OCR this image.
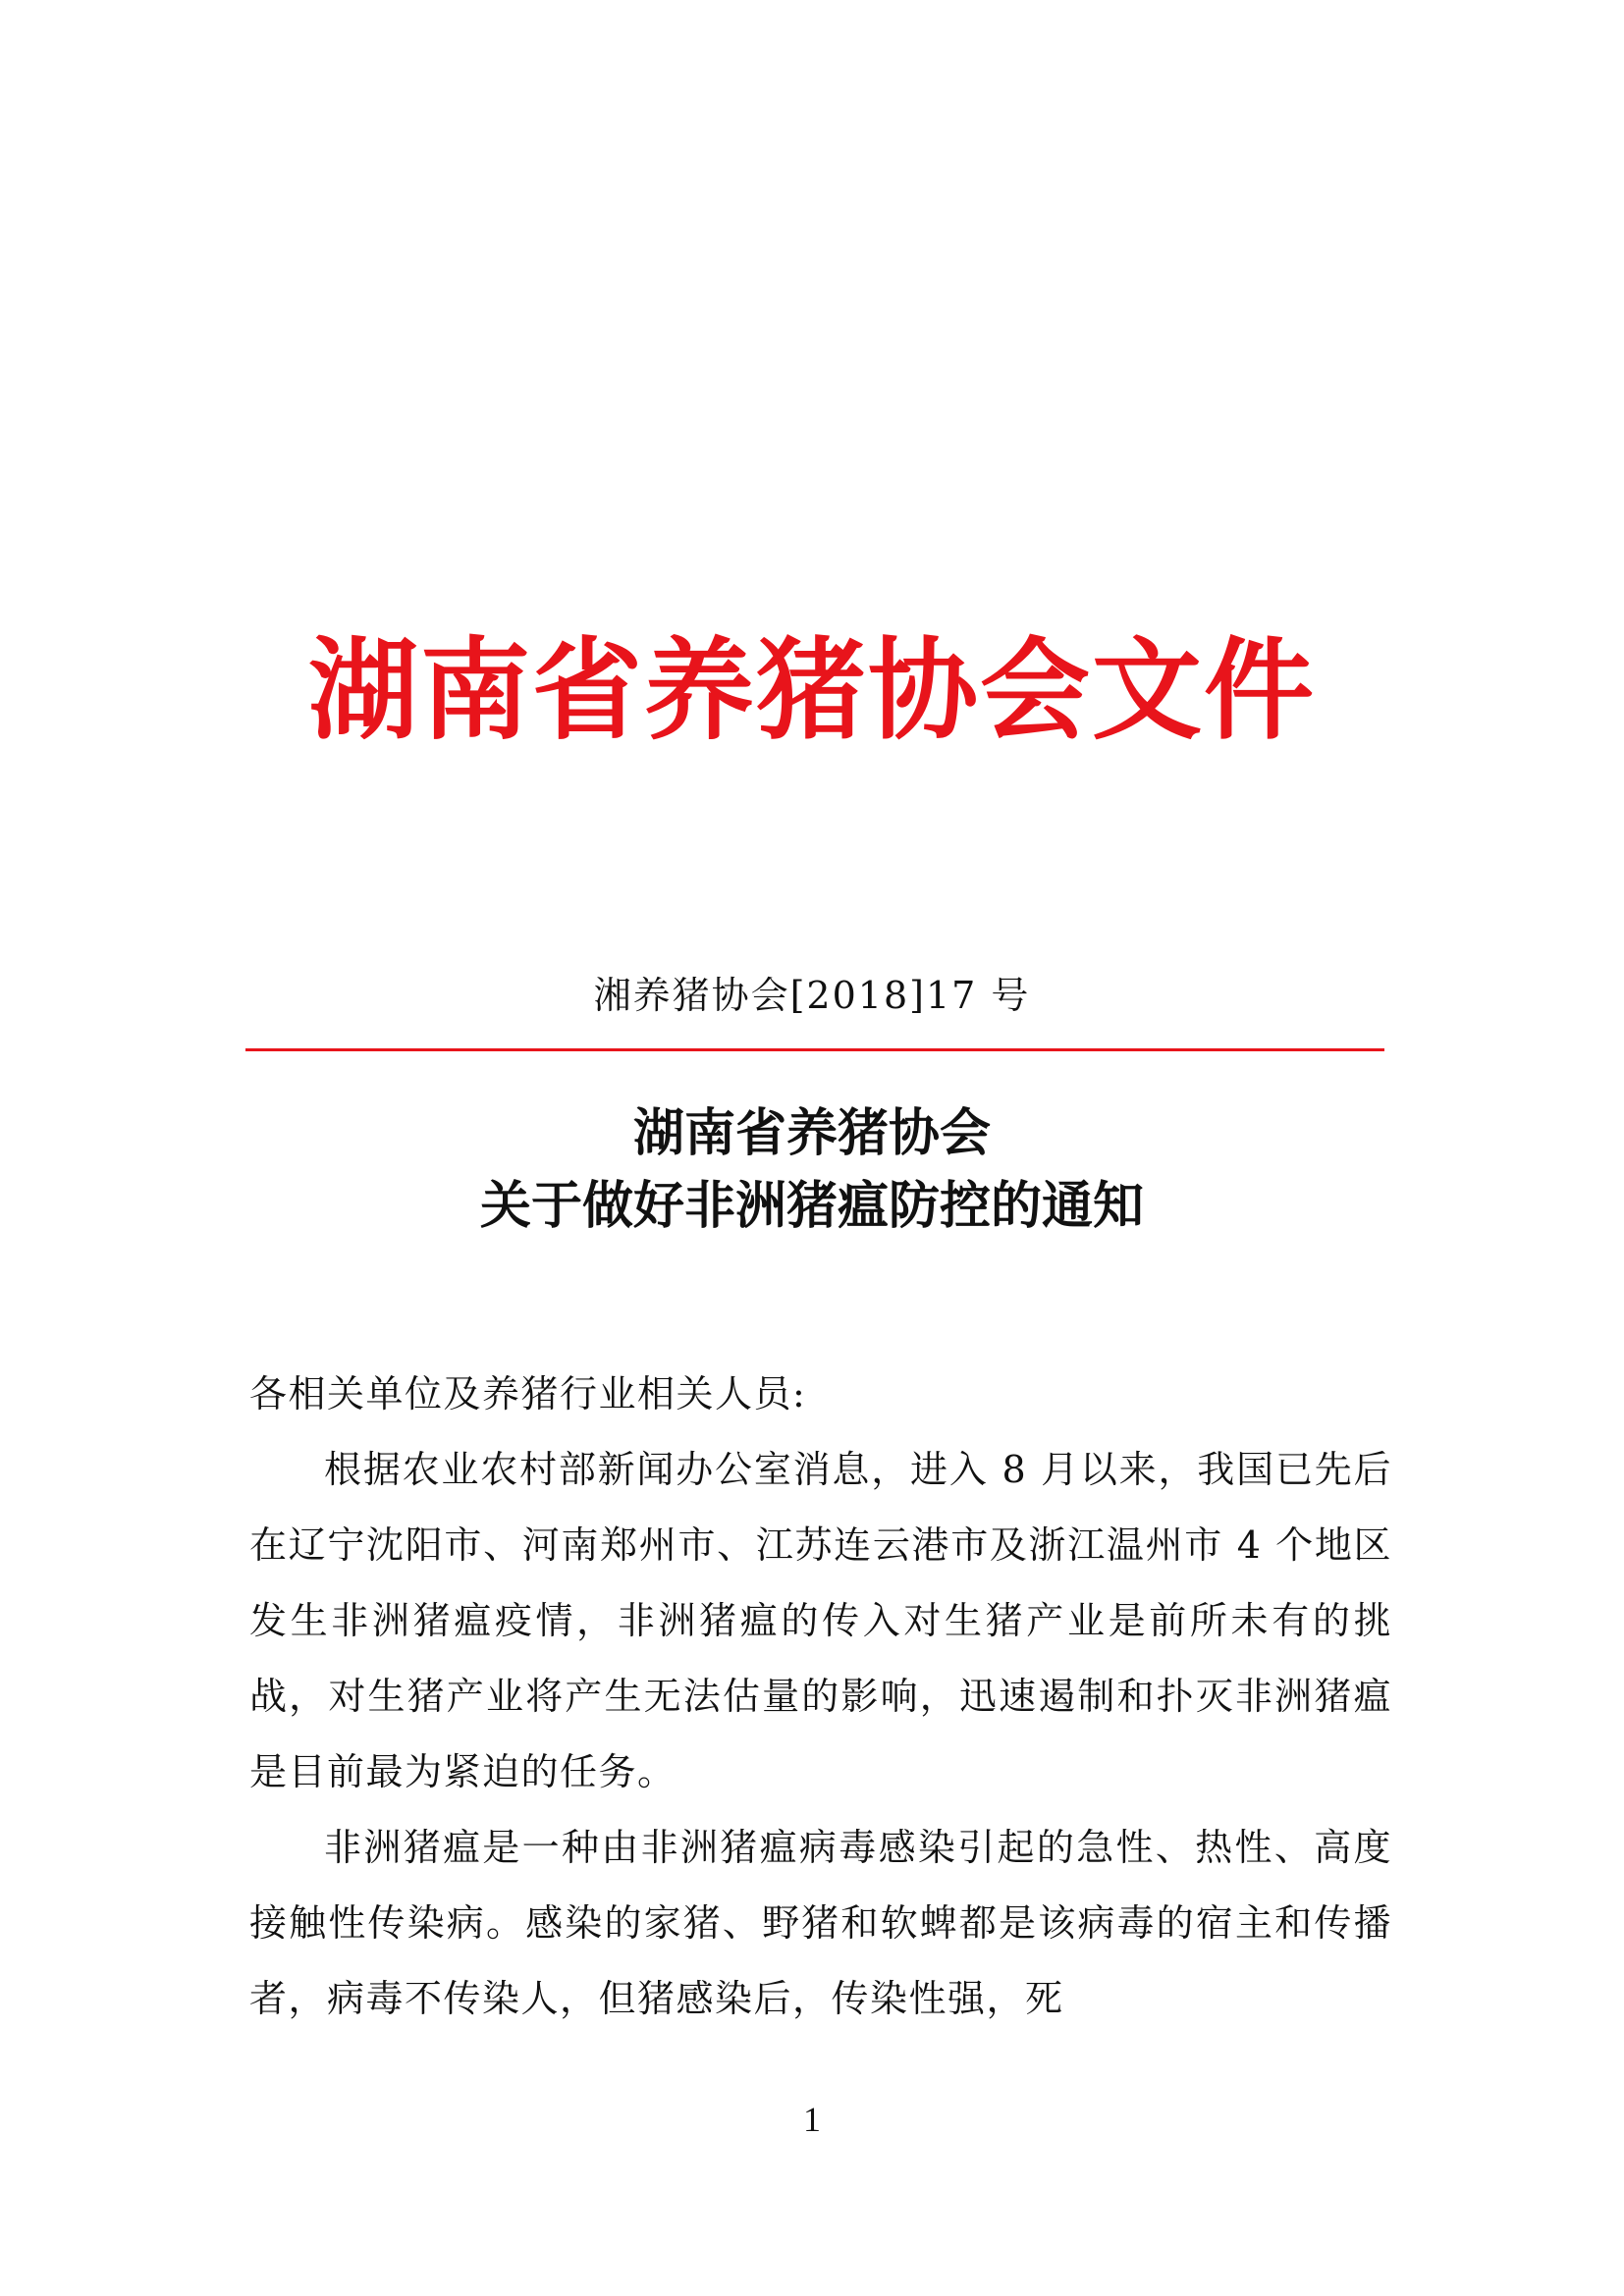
湖南省养猪协会文件
湘养猪协会[2018]17 号
湖南省养猪协会
关于做好非洲猪瘟防控的通知

各相关单位及养猪行业相关人员:

根据农业农村部新闻办公室消息，进入 8 月以来，我国已先后在辽宁沈阳市、河南郑州市、江苏连云港市及浙江温州市 4 个地区发生非洲猪瘟疫情，非洲猪瘟的传入对生猪产业是前所未有的挑战，对生猪产业将产生无法估量的影响，迅速遏制和扑灭非洲猪瘟是目前最为紧迫的任务。

非洲猪瘟是一种由非洲猪瘟病毒感染引起的急性、热性、高度接触性传染病。感染的家猪、野猪和软蜱都是该病毒的宿主和传播者，病毒不传染人，但猪感染后，传染性强，死

1
